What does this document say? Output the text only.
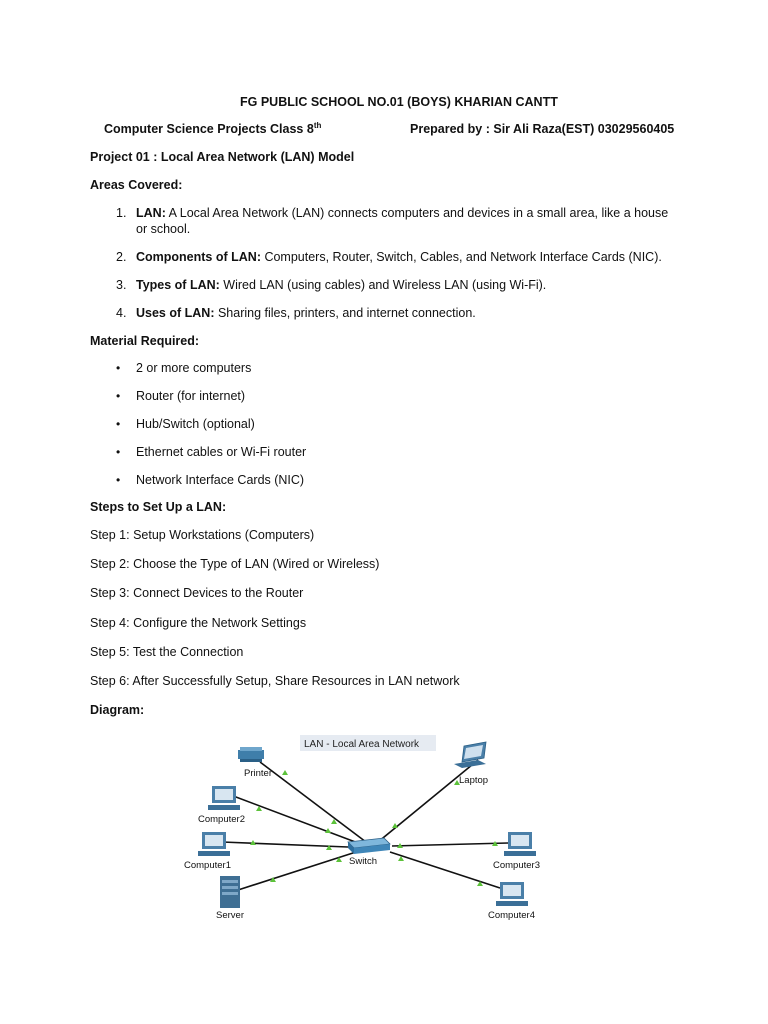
FG PUBLIC SCHOOL NO.01 (BOYS) KHARIAN CANTT
Computer Science Projects Class 8th	Prepared by : Sir Ali Raza(EST) 03029560405
Project 01 : Local Area Network (LAN) Model
Areas Covered:
1. LAN: A Local Area Network (LAN) connects computers and devices in a small area, like a house
or school.
2. Components of LAN: Computers, Router, Switch, Cables, and Network Interface Cards (NIC).
3. Types of LAN: Wired LAN (using cables) and Wireless LAN (using Wi-Fi).
4. Uses of LAN: Sharing files, printers, and internet connection.
Material Required:
• 2 or more computers
• Router (for internet)
• Hub/Switch (optional)
• Ethernet cables or Wi-Fi router
• Network Interface Cards (NIC)
Steps to Set Up a LAN:
Step 1: Setup Workstations (Computers)
Step 2: Choose the Type of LAN (Wired or Wireless)
Step 3: Connect Devices to the Router
Step 4: Configure the Network Settings
Step 5: Test the Connection
Step 6: After Successfully Setup, Share Resources in LAN network
Diagram:
LAN - Local Area Network
Switch
Printer
Laptop
Computer2
Computer1	Computer3
Server	Computer4
